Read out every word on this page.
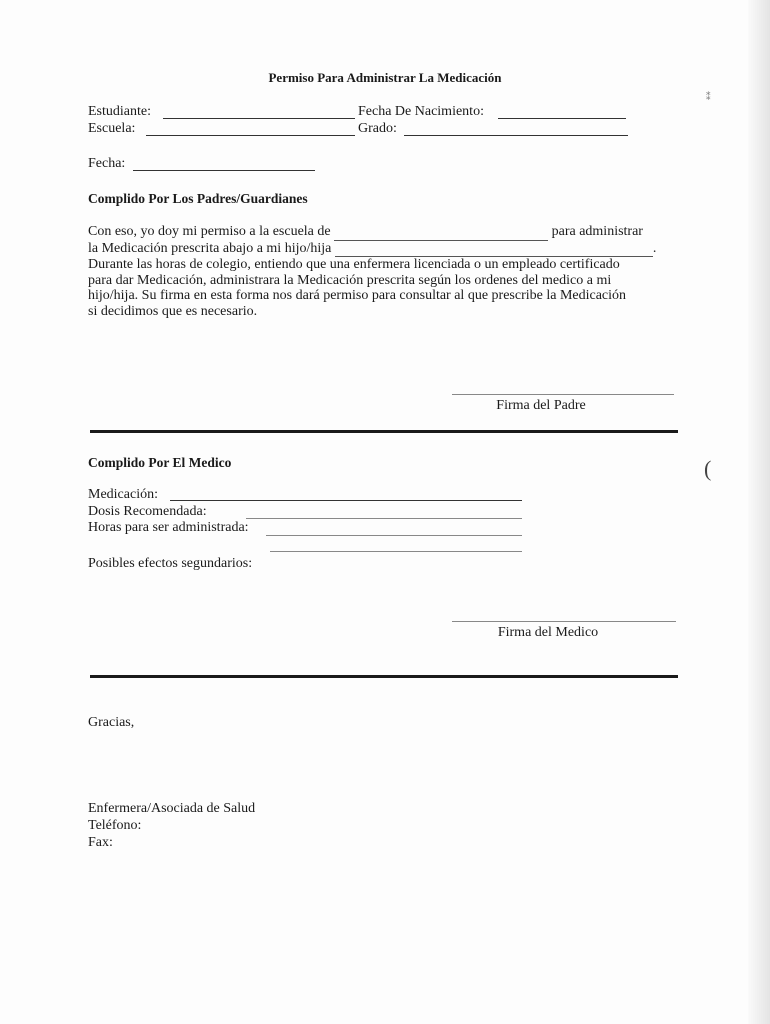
Permiso Para Administrar La Medicación
Estudiante:	Fecha De Nacimiento:
Escuela:	Grado:
Fecha:
Complido Por Los Padres/Guardianes
Con eso, yo doy mi permiso a la escuela de	para administrar
la Medicación prescrita abajo a mi hijo/hija	.
Durante las horas de colegio, entiendo que una enfermera licenciada o un empleado certificado
para dar Medicación, administrara la Medicación prescrita según los ordenes del medico a mi
hijo/hija. Su firma en esta forma nos dará permiso para consultar al que prescribe la Medicación
si decidimos que es necesario.
Firma del Padre
Complido Por El Medico
Medicación:
Dosis Recomendada:
Horas para ser administrada:
Posibles efectos segundarios:
Firma del Medico
Gracias,
Enfermera/Asociada de Salud
Teléfono:
Fax:
(
⁑
